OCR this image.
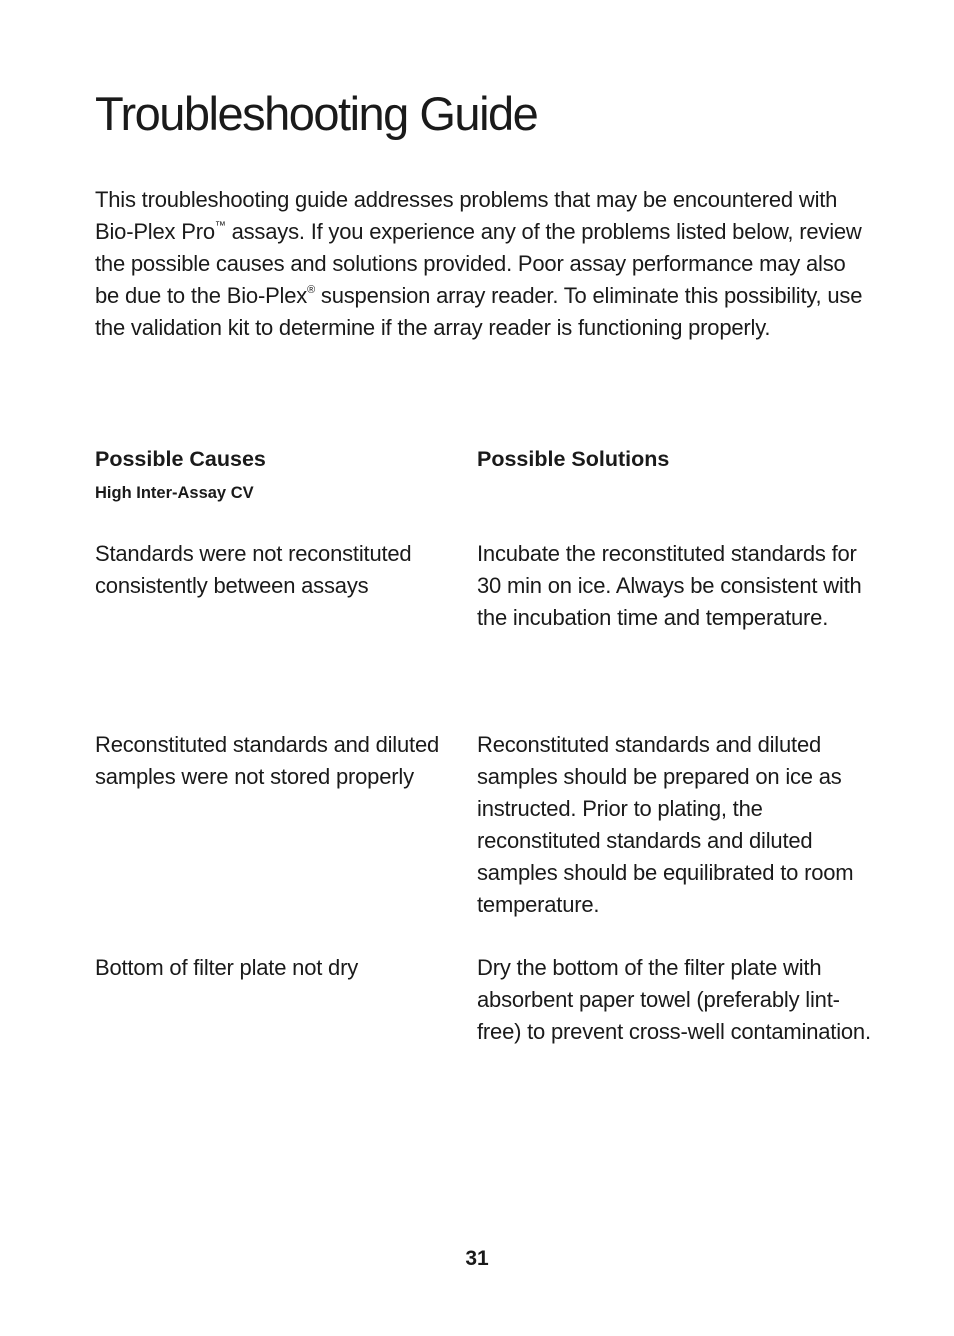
Troubleshooting Guide

This troubleshooting guide addresses problems that may be encountered with Bio-Plex Pro™ assays. If you experience any of the problems listed below, review the possible causes and solutions provided. Poor assay performance may also be due to the Bio-Plex® suspension array reader. To eliminate this possibility, use the validation kit to determine if the array reader is functioning properly.

Possible Causes	Possible Solutions
High Inter-Assay CV

Standards were not reconstituted consistently between assays

Incubate the reconstituted standards for 30 min on ice. Always be consistent with the incubation time and temperature.

Reconstituted standards and diluted samples were not stored properly

Reconstituted standards and diluted samples should be prepared on ice as instructed. Prior to plating, the reconstituted standards and diluted samples should be equilibrated to room temperature.

Bottom of filter plate not dry	Dry the bottom of the filter plate with absorbent paper towel (preferably lint-free) to prevent cross-well contamination.

31
